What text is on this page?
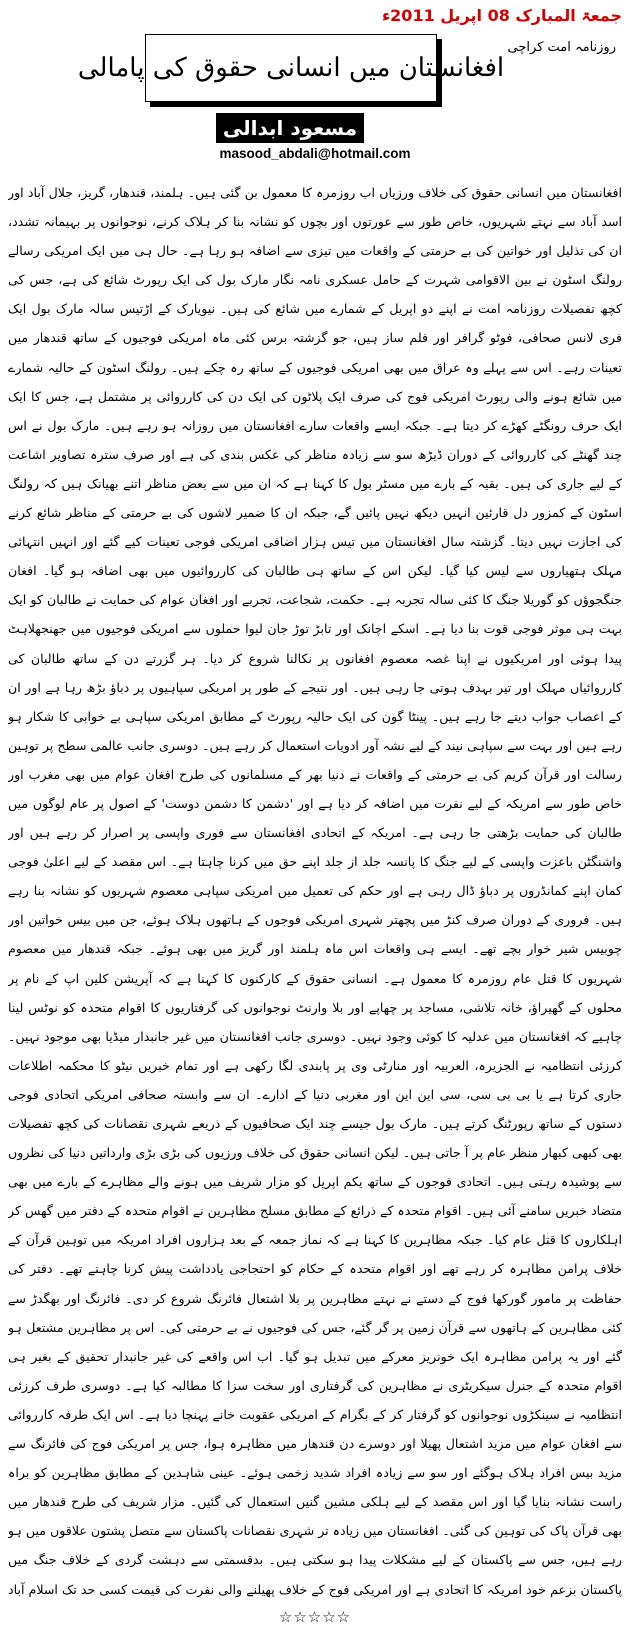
جمعۃ المبارک 08 اپریل 2011ء
روزنامہ امت کراچی
افغانستان میں انسانی حقوق کی پامالی
مسعود ابدالی
masood_abdali@hotmail.com

افغانستان میں انسانی حقوق کی خلاف ورزیاں اب روزمرہ کا معمول بن گئی ہیں۔ ہلمند، قندھار، گریز، جلال آباد اور اسد آباد سے نہتے شہریوں، خاص طور سے عورتوں اور بچوں کو نشانہ بنا کر ہلاک کرنے، نوجوانوں پر بہیمانہ تشدد، ان کی تذلیل اور خواتین کی بے حرمتی کے واقعات میں تیزی سے اضافہ ہو رہا ہے۔ حال ہی میں ایک امریکی رسالے رولنگ اسٹون نے بین الاقوامی شہرت کے حامل عسکری نامہ نگار مارک بول کی ایک رپورٹ شائع کی ہے، جس کی کچھ تفصیلات روزنامہ امت نے اپنے دو اپریل کے شمارے میں شائع کی ہیں۔ نیویارک کے اڑتیس سالہ مارک بول ایک فری لانس صحافی، فوٹو گرافر اور فلم ساز ہیں، جو گزشتہ برس کئی ماہ امریکی فوجیوں کے ساتھ قندھار میں تعینات رہے۔ اس سے پہلے وہ عراق میں بھی امریکی فوجیوں کے ساتھ رہ چکے ہیں۔ رولنگ اسٹون کے حالیہ شمارے میں شائع ہونے والی رپورٹ امریکی فوج کی صرف ایک پلاٹون کی ایک دن کی کارروائی پر مشتمل ہے، جس کا ایک ایک حرف رونگٹے کھڑے کر دیتا ہے۔ جبکہ ایسے واقعات سارے افغانستان میں روزانہ ہو رہے ہیں۔ مارک بول نے اس چند گھنٹے کی کارروائی کے دوران ڈیڑھ سو سے زیادہ مناظر کی عکس بندی کی ہے اور صرف سترہ تصاویر اشاعت کے لیے جاری کی ہیں۔ بقیہ کے بارے میں مسٹر بول کا کہنا ہے کہ ان میں سے بعض مناظر اتنے بھیانک ہیں کہ رولنگ اسٹون کے کمزور دل قارئین انہیں دیکھ نہیں پائیں گے، جبکہ ان کا ضمیر لاشوں کی بے حرمتی کے مناظر شائع کرنے کی اجازت نہیں دیتا۔ گزشتہ سال افغانستان میں تیس ہزار اضافی امریکی فوجی تعینات کیے گئے اور انہیں انتہائی مہلک ہتھیاروں سے لیس کیا گیا۔ لیکن اس کے ساتھ ہی طالبان کی کارروائیوں میں بھی اضافہ ہو گیا۔ افغان جنگجوؤں کو گوریلا جنگ کا کئی سالہ تجربہ ہے۔ حکمت، شجاعت، تجربے اور افغان عوام کی حمایت نے طالبان کو ایک بہت ہی موثر فوجی قوت بنا دیا ہے۔ اسکے اچانک اور تابڑ توڑ جان لیوا حملوں سے امریکی فوجیوں میں جھنجھلاہٹ پیدا ہوئی اور امریکیوں نے اپنا غصہ معصوم افغانوں پر نکالنا شروع کر دیا۔ ہر گزرتے دن کے ساتھ طالبان کی کارروائیاں مہلک اور تیر بہدف ہوتی جا رہی ہیں۔ اور نتیجے کے طور پر امریکی سپاہیوں پر دباؤ بڑھ رہا ہے اور ان کے اعصاب جواب دیتے جا رہے ہیں۔ پینٹا گون کی ایک حالیہ رپورٹ کے مطابق امریکی سپاہی بے خوابی کا شکار ہو رہے ہیں اور بہت سے سپاہی نیند کے لیے نشہ آور ادویات استعمال کر رہے ہیں۔ دوسری جانب عالمی سطح پر توہین رسالت اور قرآن کریم کی بے حرمتی کے واقعات نے دنیا بھر کے مسلمانوں کی طرح افغان عوام میں بھی مغرب اور خاص طور سے امریکہ کے لیے نفرت میں اضافہ کر دیا ہے اور 'دشمن کا دشمن دوست' کے اصول پر عام لوگوں میں طالبان کی حمایت بڑھتی جا رہی ہے۔ امریکہ کے اتحادی افغانستان سے فوری واپسی پر اصرار کر رہے ہیں اور واشنگٹن باعزت واپسی کے لیے جنگ کا پانسہ جلد از جلد اپنے حق میں کرنا چاہتا ہے۔ اس مقصد کے لیے اعلیٰ فوجی کمان اپنے کمانڈروں پر دباؤ ڈال رہی ہے اور حکم کی تعمیل میں امریکی سپاہی معصوم شہریوں کو نشانہ بنا رہے ہیں۔ فروری کے دوران صرف کنڑ میں پچھتر شہری امریکی فوجوں کے ہاتھوں ہلاک ہوئے، جن میں بیس خواتین اور چوبیس شیر خوار بچے تھے۔ ایسے ہی واقعات اس ماہ ہلمند اور گریز میں بھی ہوئے۔ جبکہ قندھار میں معصوم شہریوں کا قتل عام روزمرہ کا معمول ہے۔ انسانی حقوق کے کارکنوں کا کہنا ہے کہ آپریشن کلین اپ کے نام پر محلوں کے گھیراؤ، خانہ تلاشی، مساجد پر چھاپے اور بلا وارنٹ نوجوانوں کی گرفتاریوں کا اقوام متحدہ کو نوٹس لینا چاہیے کہ افغانستان میں عدلیہ کا کوئی وجود نہیں۔ دوسری جانب افغانستان میں غیر جانبدار میڈیا بھی موجود نہیں۔ کرزئی انتظامیہ نے الجزیرہ، العربیہ اور منارٹی وی پر پابندی لگا رکھی ہے اور تمام خبریں نیٹو کا محکمہ اطلاعات جاری کرتا ہے یا بی بی سی، سی این این اور مغربی دنیا کے ادارے۔ ان سے وابستہ صحافی امریکی اتحادی فوجی دستوں کے ساتھ رپورٹنگ کرتے ہیں۔ مارک بول جیسے چند ایک صحافیوں کے ذریعے شہری نقصانات کی کچھ تفصیلات بھی کبھی کبھار منظر عام پر آ جاتی ہیں۔ لیکن انسانی حقوق کی خلاف ورزیوں کی بڑی بڑی وارداتیں دنیا کی نظروں سے پوشیدہ رہتی ہیں۔ اتحادی فوجوں کے ساتھ یکم اپریل کو مزار شریف میں ہونے والے مظاہرے کے بارے میں بھی متضاد خبریں سامنے آئی ہیں۔ اقوام متحدہ کے ذرائع کے مطابق مسلح مظاہرین نے اقوام متحدہ کے دفتر میں گھس کر اہلکاروں کا قتل عام کیا۔ جبکہ مظاہرین کا کہنا ہے کہ نماز جمعہ کے بعد ہزاروں افراد امریکہ میں توہین قرآن کے خلاف پرامن مظاہرہ کر رہے تھے اور اقوام متحدہ کے حکام کو احتجاجی یادداشت پیش کرنا چاہتے تھے۔ دفتر کی حفاظت پر مامور گورکھا فوج کے دستے نے نہتے مظاہرین پر بلا اشتعال فائرنگ شروع کر دی۔ فائرنگ اور بھگدڑ سے کئی مظاہرین کے ہاتھوں سے قرآن زمین پر گر گئے، جس کی فوجیوں نے بے حرمتی کی۔ اس پر مظاہرین مشتعل ہو گئے اور یہ پرامن مظاہرہ ایک خونریز معرکے میں تبدیل ہو گیا۔ اب اس واقعے کی غیر جانبدار تحقیق کے بغیر ہی اقوام متحدہ کے جنرل سیکریٹری نے مظاہرین کی گرفتاری اور سخت سزا کا مطالبہ کیا ہے۔ دوسری طرف کرزئی انتظامیہ نے سینکڑوں نوجوانوں کو گرفتار کر کے بگرام کے امریکی عقوبت خانے پہنچا دیا ہے۔ اس ایک طرفہ کارروائی سے افغان عوام میں مزید اشتعال پھیلا اور دوسرے دن قندھار میں مظاہرہ ہوا، جس پر امریکی فوج کی فائرنگ سے مزید بیس افراد ہلاک ہوگئے اور سو سے زیادہ افراد شدید زخمی ہوئے۔ عینی شاہدین کے مطابق مظاہرین کو براہ راست نشانہ بنایا گیا اور اس مقصد کے لیے ہلکی مشین گنیں استعمال کی گئیں۔ مزار شریف کی طرح قندھار میں بھی قرآن پاک کی توہین کی گئی۔ افغانستان میں زیادہ تر شہری نقصانات پاکستان سے متصل پشتون علاقوں میں ہو رہے ہیں، جس سے پاکستان کے لیے مشکلات پیدا ہو سکتی ہیں۔ بدقسمتی سے دہشت گردی کے خلاف جنگ میں پاکستان بزعم خود امریکہ کا اتحادی ہے اور امریکی فوج کے خلاف پھیلنے والی نفرت کی قیمت کسی حد تک اسلام آباد

☆☆☆☆☆
